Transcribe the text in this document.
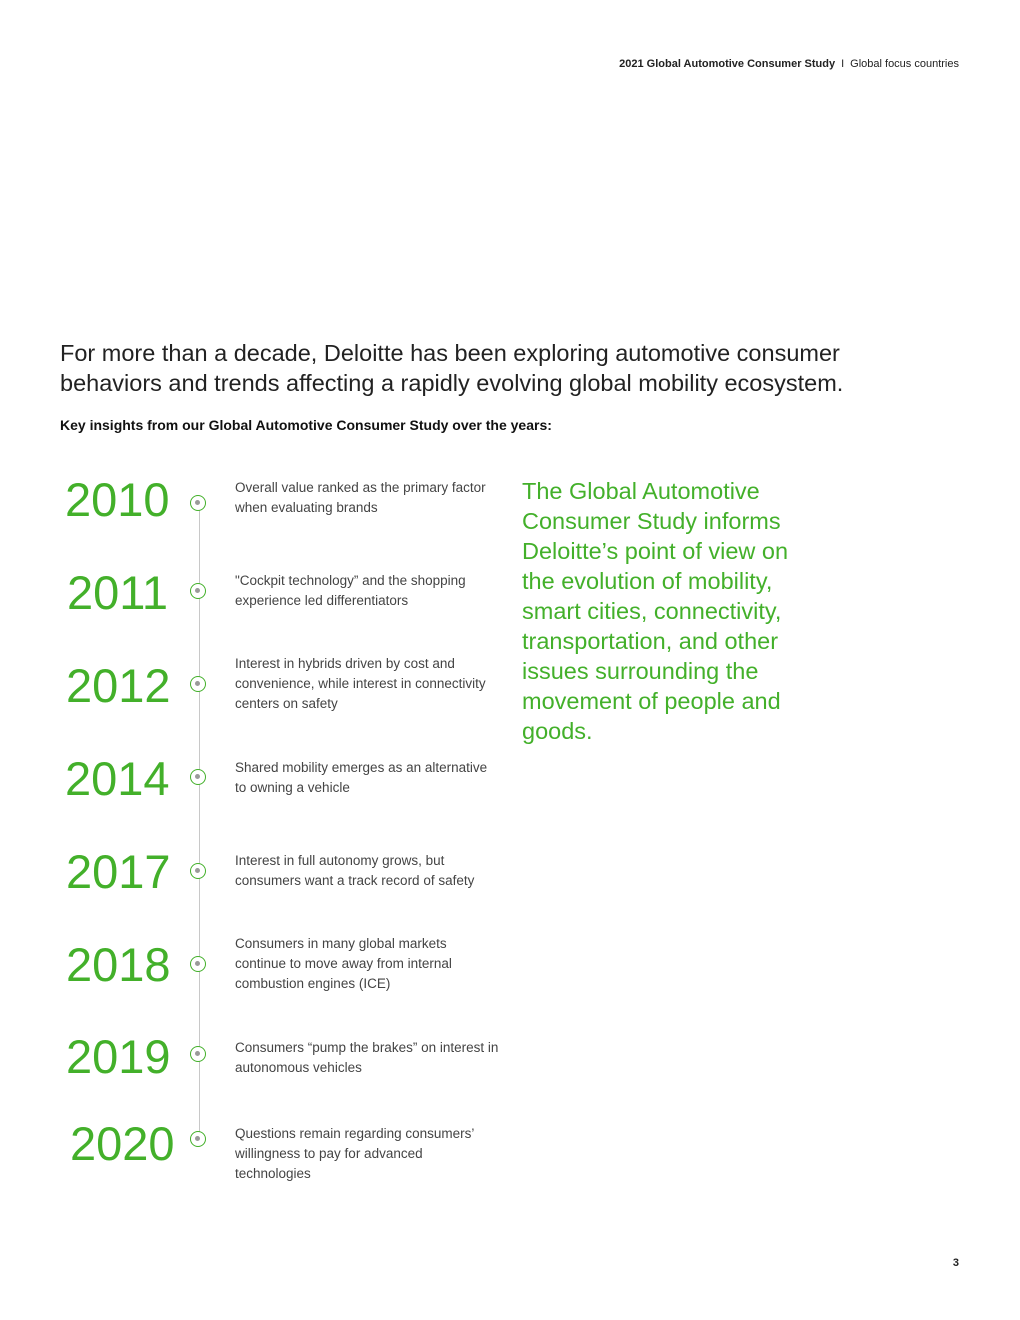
2021 Global Automotive Consumer Study I Global focus countries
For more than a decade, Deloitte has been exploring automotive consumer behaviors and trends affecting a rapidly evolving global mobility ecosystem.
Key insights from our Global Automotive Consumer Study over the years:
2010	Overall value ranked as the primary factor when evaluating brands
2011	"Cockpit technology” and the shopping experience led differentiators
2012	Interest in hybrids driven by cost and convenience, while interest in connectivity centers on safety
2014	Shared mobility emerges as an alternative to owning a vehicle
2017	Interest in full autonomy grows, but consumers want a track record of safety
2018	Consumers in many global markets continue to move away from internal combustion engines (ICE)
2019	Consumers “pump the brakes” on interest in autonomous vehicles
2020	Questions remain regarding consumers’ willingness to pay for advanced technologies
The Global Automotive Consumer Study informs Deloitte’s point of view on the evolution of mobility, smart cities, connectivity, transportation, and other issues surrounding the movement of people and goods.
3
